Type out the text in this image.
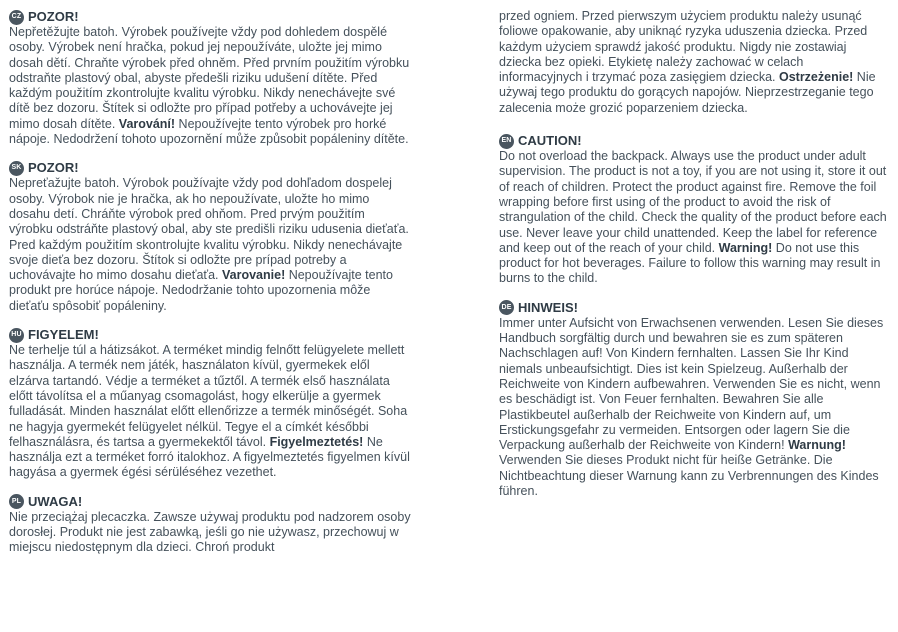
CZ POZOR!
Nepřetěžujte batoh. Výrobek používejte vždy pod dohledem dospělé osoby. Výrobek není hračka, pokud jej nepoužíváte, uložte jej mimo dosah dětí. Chraňte výrobek před ohněm. Před prvním použitím výrobku odstraňte plastový obal, abyste předešli riziku udušení dítěte. Před každým použitím zkontrolujte kvalitu výrobku. Nikdy nenechávejte své dítě bez dozoru. Štítek si odložte pro případ potřeby a uchovávejte jej mimo dosah dítěte. Varování! Nepoužívejte tento výrobek pro horké nápoje. Nedodržení tohoto upozornění může způsobit popáleniny dítěte.
SK POZOR!
Nepreťažujte batoh. Výrobok používajte vždy pod dohľadom dospelej osoby. Výrobok nie je hračka, ak ho nepoužívate, uložte ho mimo dosahu detí. Chráňte výrobok pred ohňom. Pred prvým použitím výrobku odstráňte plastový obal, aby ste predišli riziku udusenia dieťaťa. Pred každým použitím skontrolujte kvalitu výrobku. Nikdy nenechávajte svoje dieťa bez dozoru. Štítok si odložte pre prípad potreby a uchovávajte ho mimo dosahu dieťaťa. Varovanie! Nepoužívajte tento produkt pre horúce nápoje. Nedodržanie tohto upozornenia môže dieťaťu spôsobiť popáleniny.
HU FIGYELEM!
Ne terhelje túl a hátizsákot. A terméket mindig felnőtt felügyelete mellett használja. A termék nem játék, használaton kívül, gyermekek elől elzárva tartandó. Védje a terméket a tűztől. A termék első használata előtt távolítsa el a műanyag csomagolást, hogy elkerülje a gyermek fulladását. Minden használat előtt ellenőrizze a termék minőségét. Soha ne hagyja gyermekét felügyelet nélkül. Tegye el a címkét későbbi felhasználásra, és tartsa a gyermekektől távol. Figyelmeztetés! Ne használja ezt a terméket forró italokhoz. A figyelmeztetés figyelmen kívül hagyása a gyermek égési sérüléséhez vezethet.
PL UWAGA!
Nie przeciążaj plecaczka. Zawsze używaj produktu pod nadzorem osoby dorosłej. Produkt nie jest zabawką, jeśli go nie używasz, przechowuj w miejscu niedostępnym dla dzieci. Chroń produkt
przed ogniem. Przed pierwszym użyciem produktu należy usunąć foliowe opakowanie, aby uniknąć ryzyka uduszenia dziecka. Przed każdym użyciem sprawdź jakość produktu. Nigdy nie zostawiaj dziecka bez opieki. Etykietę należy zachować w celach informacyjnych i trzymać poza zasięgiem dziecka. Ostrzeżenie! Nie używaj tego produktu do gorących napojów. Nieprzestrzeganie tego zalecenia może grozić poparzeniem dziecka.
EN CAUTION!
Do not overload the backpack. Always use the product under adult supervision. The product is not a toy, if you are not using it, store it out of reach of children. Protect the product against fire. Remove the foil wrapping before first using of the product to avoid the risk of strangulation of the child. Check the quality of the product before each use. Never leave your child unattended. Keep the label for reference and keep out of the reach of your child. Warning! Do not use this product for hot beverages. Failure to follow this warning may result in burns to the child.
DE HINWEIS!
Immer unter Aufsicht von Erwachsenen verwenden. Lesen Sie dieses Handbuch sorgfältig durch und bewahren sie es zum späteren Nachschlagen auf! Von Kindern fernhalten. Lassen Sie Ihr Kind niemals unbeaufsichtigt. Dies ist kein Spielzeug. Außerhalb der Reichweite von Kindern aufbewahren. Verwenden Sie es nicht, wenn es beschädigt ist. Von Feuer fernhalten. Bewahren Sie alle Plastikbeutel außerhalb der Reichweite von Kindern auf, um Erstickungsgefahr zu vermeiden. Entsorgen oder lagern Sie die Verpackung außerhalb der Reichweite von Kindern! Warnung! Verwenden Sie dieses Produkt nicht für heiße Getränke. Die Nichtbeachtung dieser Warnung kann zu Verbrennungen des Kindes führen.
